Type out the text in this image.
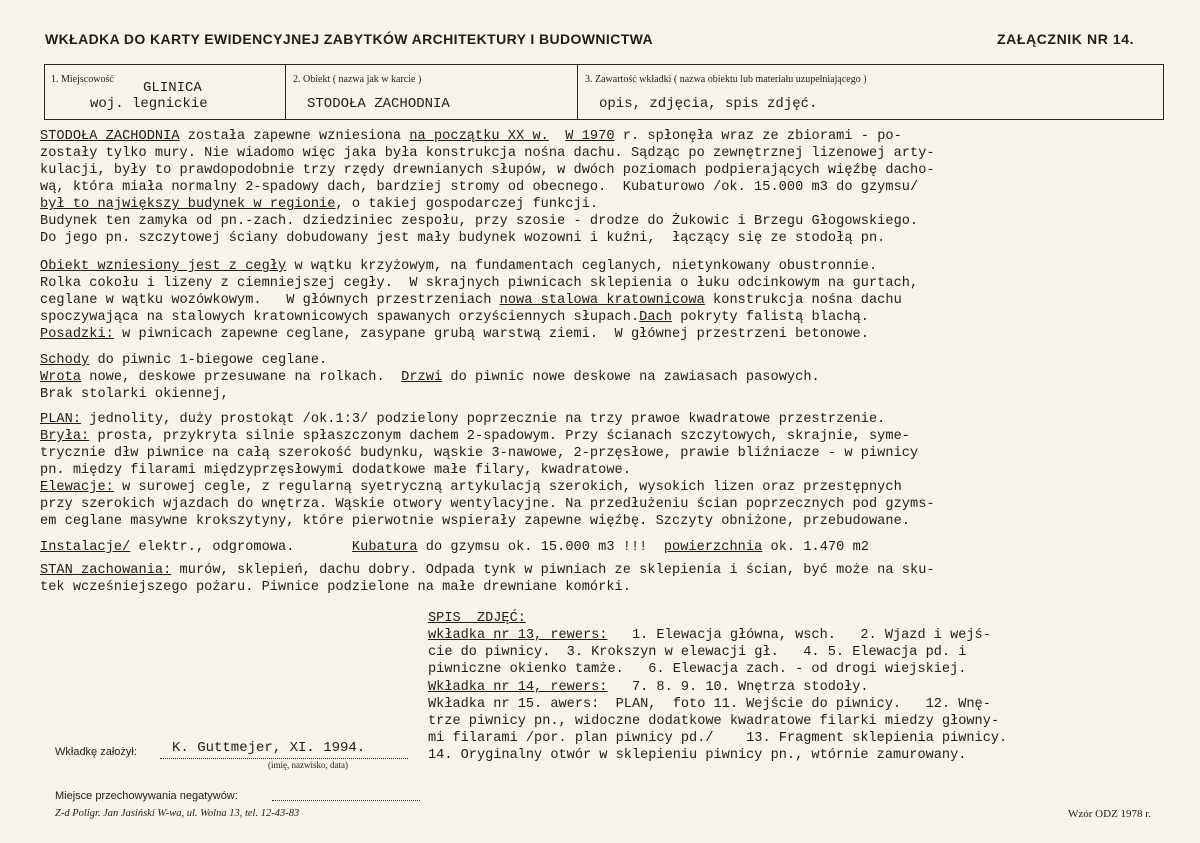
WKŁADKA DO KARTY EWIDENCYJNEJ ZABYTKÓW ARCHITEKTURY I BUDOWNICTWA	ZAŁĄCZNIK NR 14.
1. Miejscowość
GLINICA
woj. legnickie
2. Obiekt ( nazwa jak w karcie )
STODOŁA ZACHODNIA
3. Zawartość wkładki ( nazwa obiektu lub materiału uzupełniającego )
opis, zdjęcia, spis zdjęć.
STODOŁA ZACHODNIA została zapewne wzniesiona na początku XX w. W 1970 r. spłonęła wraz ze zbiorami - po-
zostały tylko mury. Nie wiadomo więc jaka była konstrukcja nośna dachu. Sądząc po zewnętrznej lizenowej arty-
kulacji, były to prawdopodobnie trzy rzędy drewnianych słupów, w dwóch poziomach podpierających więźbę dacho-
wą, która miała normalny 2-spadowy dach, bardziej stromy od obecnego.  Kubaturowo /ok. 15.000 m3 do gzymsu/
był to największy budynek w regionie, o takiej gospodarczej funkcji.
Budynek ten zamyka od pn.-zach. dziedziniec zespołu, przy szosie - drodze do Żukowic i Brzegu Głogowskiego.
Do jego pn. szczytowej ściany dobudowany jest mały budynek wozowni i kuźni,  łączący się ze stodołą pn.
Obiekt wzniesiony jest z cegły w wątku krzyżowym, na fundamentach ceglanych, nietynkowany obustronnie.
Rolka cokołu i lizeny z ciemniejszej cegły.  W skrajnych piwnicach sklepienia o łuku odcinkowym na gurtach,
ceglane w wątku wozówkowym.   W głównych przestrzeniach nowa stalowa kratownicowa konstrukcja nośna dachu
spoczywająca na stalowych kratownicowych spawanych orzyściennych słupach.Dach pokryty falistą blachą.
Posadzki: w piwnicach zapewne ceglane, zasypane grubą warstwą ziemi.  W głównej przestrzeni betonowe.
Schody do piwnic 1-biegowe ceglane.
Wrota nowe, deskowe przesuwane na rolkach.  Drzwi do piwnic nowe deskowe na zawiasach pasowych.
Brak stolarki okiennej,
PLAN: jednolity, duży prostokąt /ok.1:3/ podzielony poprzecznie na trzy prawoe kwadratowe przestrzenie.
Bryła: prosta, przykryta silnie spłaszczonym dachem 2-spadowym. Przy ścianach szczytowych, skrajnie, syme-
trycznie dłw piwnice na całą szerokość budynku, wąskie 3-nawowe, 2-przęsłowe, prawie bliźniacze - w piwnicy
pn. między filarami międzyprzęsłowymi dodatkowe małe filary, kwadratowe.
Elewacje: w surowej cegle, z regularną syetryczną artykulacją szerokich, wysokich lizen oraz przestępnych
przy szerokich wjazdach do wnętrza. Wąskie otwory wentylacyjne. Na przedłużeniu ścian poprzecznych pod gzyms-
em ceglane masywne krokszytyny, które pierwotnie wspierały zapewne więźbę. Szczyty obniżone, przebudowane.
Instalacje/ elektr., odgromowa.       Kubatura do gzymsu ok. 15.000 m3 !!!  powierzchnia ok. 1.470 m2
STAN zachowania: murów, sklepień, dachu dobry. Odpada tynk w piwniach ze sklepienia i ścian, być może na sku-
tek wcześniejszego pożaru. Piwnice podzielone na małe drewniane komórki.
SPIS  ZDJĘĆ:
wkładka nr 13, rewers:   1. Elewacja główna, wsch.   2. Wjazd i wejś-
cie do piwnicy.  3. Krokszyn w elewacji gł.   4. 5. Elewacja pd. i
piwniczne okienko tamże.   6. Elewacja zach. - od drogi wiejskiej.
Wkładka nr 14, rewers:   7. 8. 9. 10. Wnętrza stodoły.
Wkładka nr 15. awers:  PLAN,  foto 11. Wejście do piwnicy.   12. Wnę-
trze piwnicy pn., widoczne dodatkowe kwadratowe filarki miedzy głowny-
mi filarami /por. plan piwnicy pd./    13. Fragment sklepienia piwnicy.
14. Oryginalny otwór w sklepieniu piwnicy pn., wtórnie zamurowany.
Wkładkę założył:	K. Guttmejer, XI. 1994.
(imię, nazwisko, data)
Miejsce przechowywania negatywów:
Z-d Poligr. Jan Jasiński W-wa, ul. Wolna 13, tel. 12-43-83	Wzór ODZ 1978 r.
